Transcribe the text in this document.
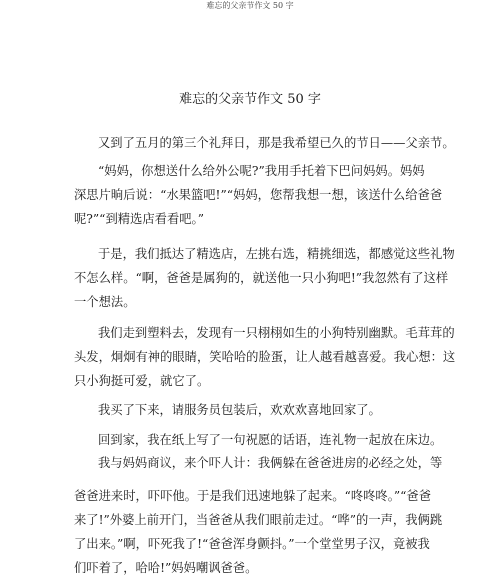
难忘的父亲节作文 50 字
难忘的父亲节作文 50 字
又到了五月的第三个礼拜日，那是我希望已久的节日——父亲节。
“妈妈，你想送什么给外公呢?”我用手托着下巴问妈妈。妈妈
深思片晌后说：“水果篮吧!”“妈妈，您帮我想一想，该送什么给爸爸
呢?”“到精选店看看吧。”
于是，我们抵达了精选店，左挑右选，精挑细选，都感觉这些礼物
不怎么样。“啊，爸爸是属狗的，就送他一只小狗吧!”我忽然有了这样
一个想法。
我们走到塑料去，发现有一只栩栩如生的小狗特别幽默。毛茸茸的
头发，炯炯有神的眼睛，笑哈哈的脸蛋，让人越看越喜爱。我心想：这
只小狗挺可爱，就它了。
我买了下来，请服务员包装后，欢欢欢喜地回家了。
回到家，我在纸上写了一句祝愿的话语，连礼物一起放在床边。
我与妈妈商议，来个吓人计：我俩躲在爸爸进房的必经之处，等
爸爸进来时，吓吓他。于是我们迅速地躲了起来。“咚咚咚。”“爸爸
来了!”外婆上前开门，当爸爸从我们眼前走过。“哗”的一声，我俩跳
了出来。”啊，吓死我了!“爸爸浑身颤抖。”一个堂堂男子汉，竟被我
们吓着了，哈哈!”妈妈嘲讽爸爸。
